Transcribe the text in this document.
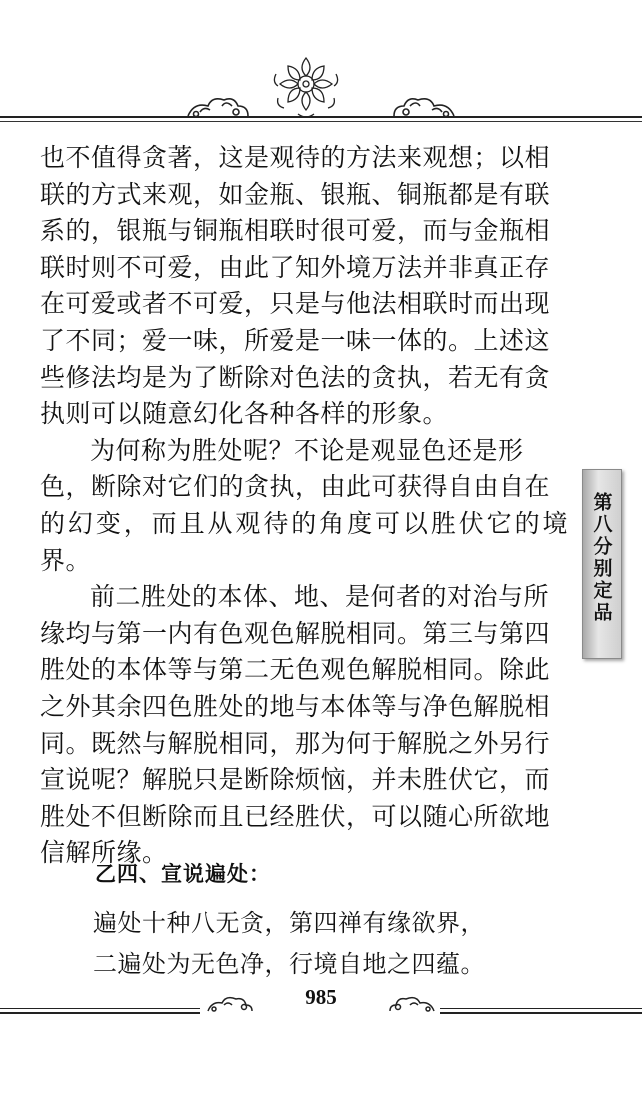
也不值得贪著，这是观待的方法来观想；以相
联的方式来观，如金瓶、银瓶、铜瓶都是有联
系的，银瓶与铜瓶相联时很可爱，而与金瓶相
联时则不可爱，由此了知外境万法并非真正存
在可爱或者不可爱，只是与他法相联时而出现
了不同；爱一味，所爱是一味一体的。上述这
些修法均是为了断除对色法的贪执，若无有贪
执则可以随意幻化各种各样的形象。

为何称为胜处呢？不论是观显色还是形
色，断除对它们的贪执，由此可获得自由自在
的幻变，而且从观待的角度可以胜伏它的境界。

前二胜处的本体、地、是何者的对治与所
缘均与第一内有色观色解脱相同。第三与第四
胜处的本体等与第二无色观色解脱相同。除此
之外其余四色胜处的地与本体等与净色解脱相
同。既然与解脱相同，那为何于解脱之外另行
宣说呢？解脱只是断除烦恼，并未胜伏它，而
胜处不但断除而且已经胜伏，可以随心所欲地
信解所缘。

乙四、宣说遍处：
遍处十种八无贪，第四禅有缘欲界，
二遍处为无色净，行境自地之四蕴。
第八分别定品
985
